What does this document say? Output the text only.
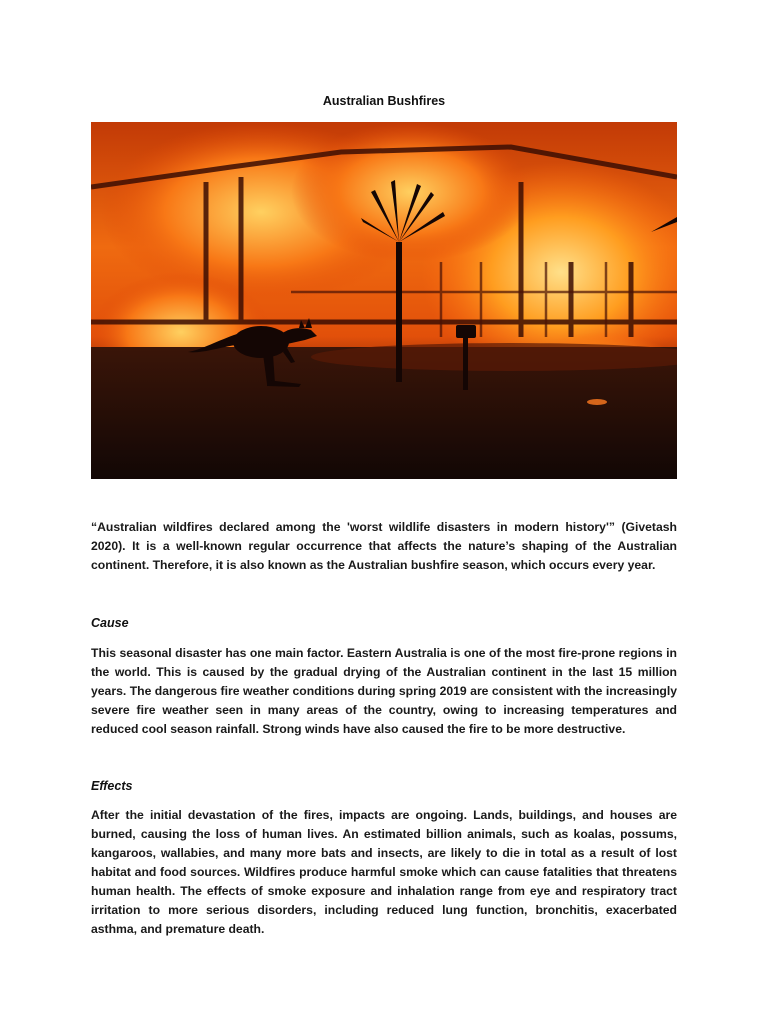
Australian Bushfires
“Australian wildfires declared among the 'worst wildlife disasters in modern history'” (Givetash 2020). It is a well-known regular occurrence that affects the nature’s shaping of the Australian continent. Therefore, it is also known as the Australian bushfire season, which occurs every year.
Cause
This seasonal disaster has one main factor. Eastern Australia is one of the most fire-prone regions in the world. This is caused by the gradual drying of the Australian continent in the last 15 million years. The dangerous fire weather conditions during spring 2019 are consistent with the increasingly severe fire weather seen in many areas of the country, owing to increasing temperatures and reduced cool season rainfall. Strong winds have also caused the fire to be more destructive.
Effects
After the initial devastation of the fires, impacts are ongoing. Lands, buildings, and houses are burned, causing the loss of human lives. An estimated billion animals, such as koalas, possums, kangaroos, wallabies, and many more bats and insects, are likely to die in total as a result of lost habitat and food sources. Wildfires produce harmful smoke which can cause fatalities that threatens human health. The effects of smoke exposure and inhalation range from eye and respiratory tract irritation to more serious disorders, including reduced lung function, bronchitis, exacerbated asthma, and premature death.
